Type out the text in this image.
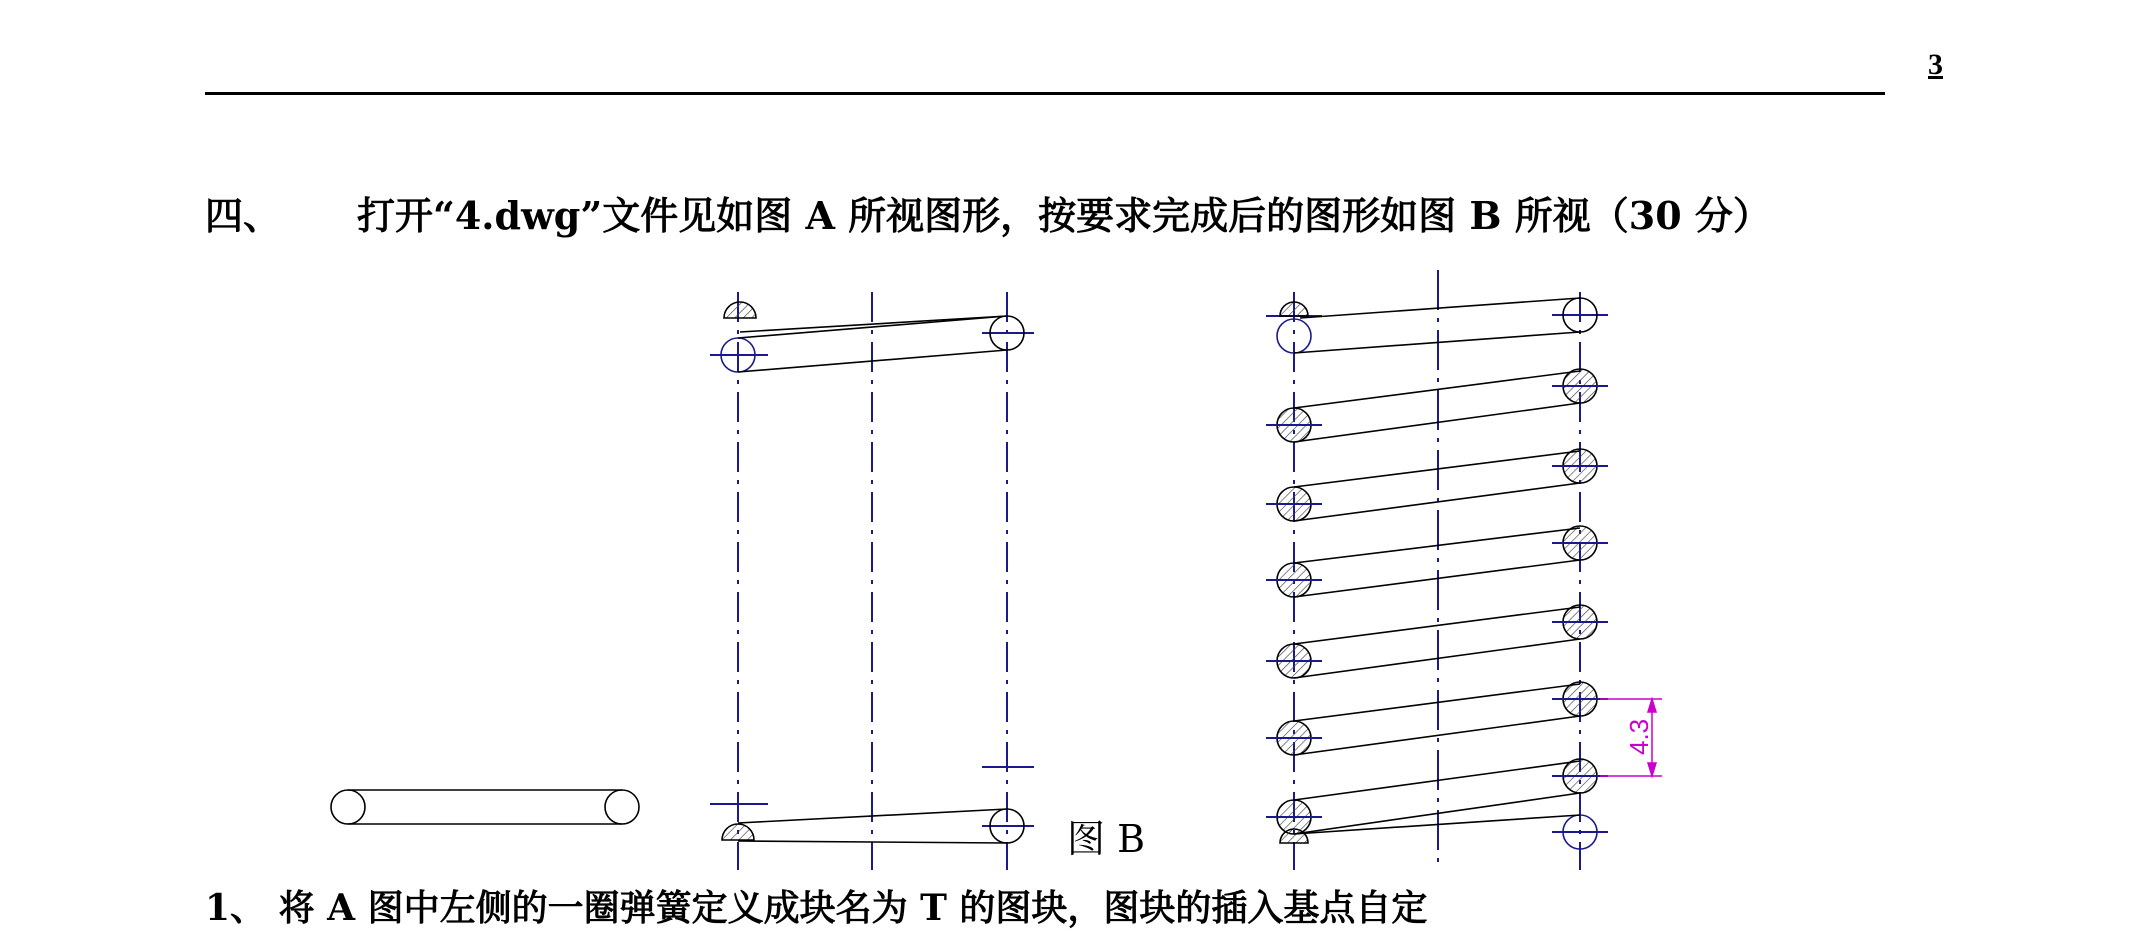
3
四、 打开“4.dwg”文件见如图 A 所视图形，按要求完成后的图形如图 B 所视（30 分）
4.3
图 B
1、 将 A 图中左侧的一圈弹簧定义成块名为 T 的图块，图块的插入基点自定
